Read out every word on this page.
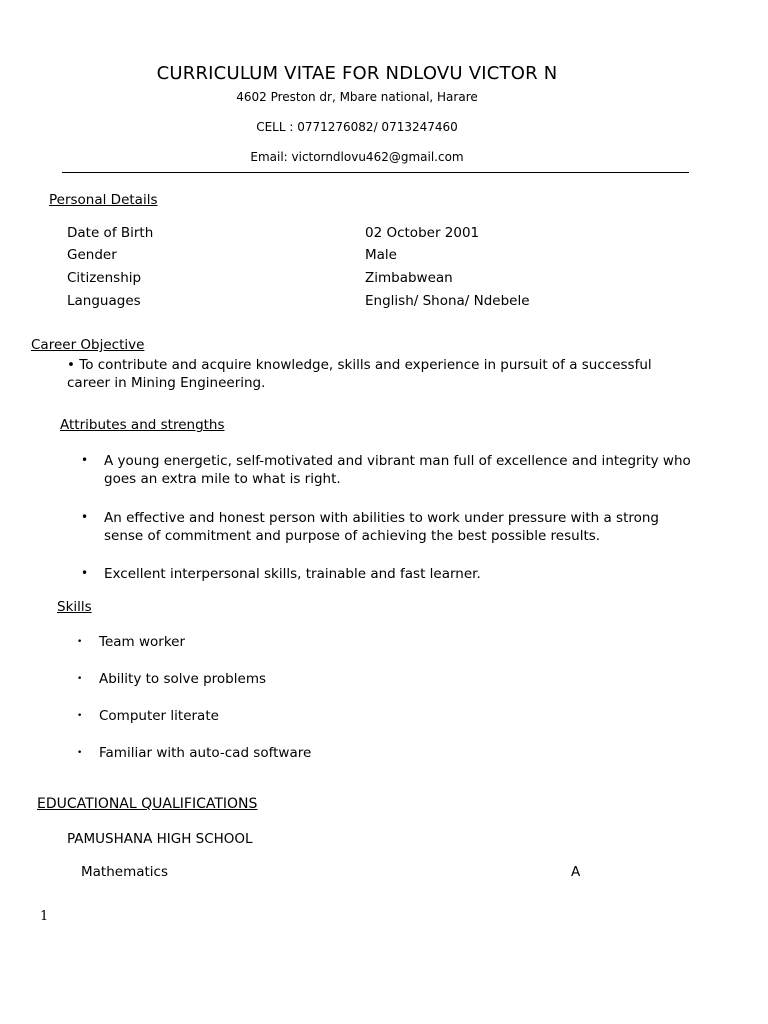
CURRICULUM VITAE FOR NDLOVU VICTOR N
4602 Preston dr, Mbare national, Harare
CELL : 0771276082/ 0713247460
Email: victorndlovu462@gmail.com
Personal Details
Date of Birth	02 October 2001
Gender	Male
Citizenship	Zimbabwean
Languages	English/ Shona/ Ndebele
Career Objective
• To contribute and acquire knowledge, skills and experience in pursuit of a successful career in Mining Engineering.
Attributes and strengths
• A young energetic, self-motivated and vibrant man full of excellence and integrity who goes an extra mile to what is right.
• An effective and honest person with abilities to work under pressure with a strong sense of commitment and purpose of achieving the best possible results.
• Excellent interpersonal skills, trainable and fast learner.
Skills
• Team worker
• Ability to solve problems
• Computer literate
• Familiar with auto-cad software
EDUCATIONAL QUALIFICATIONS
PAMUSHANA HIGH SCHOOL
Mathematics	A
1
